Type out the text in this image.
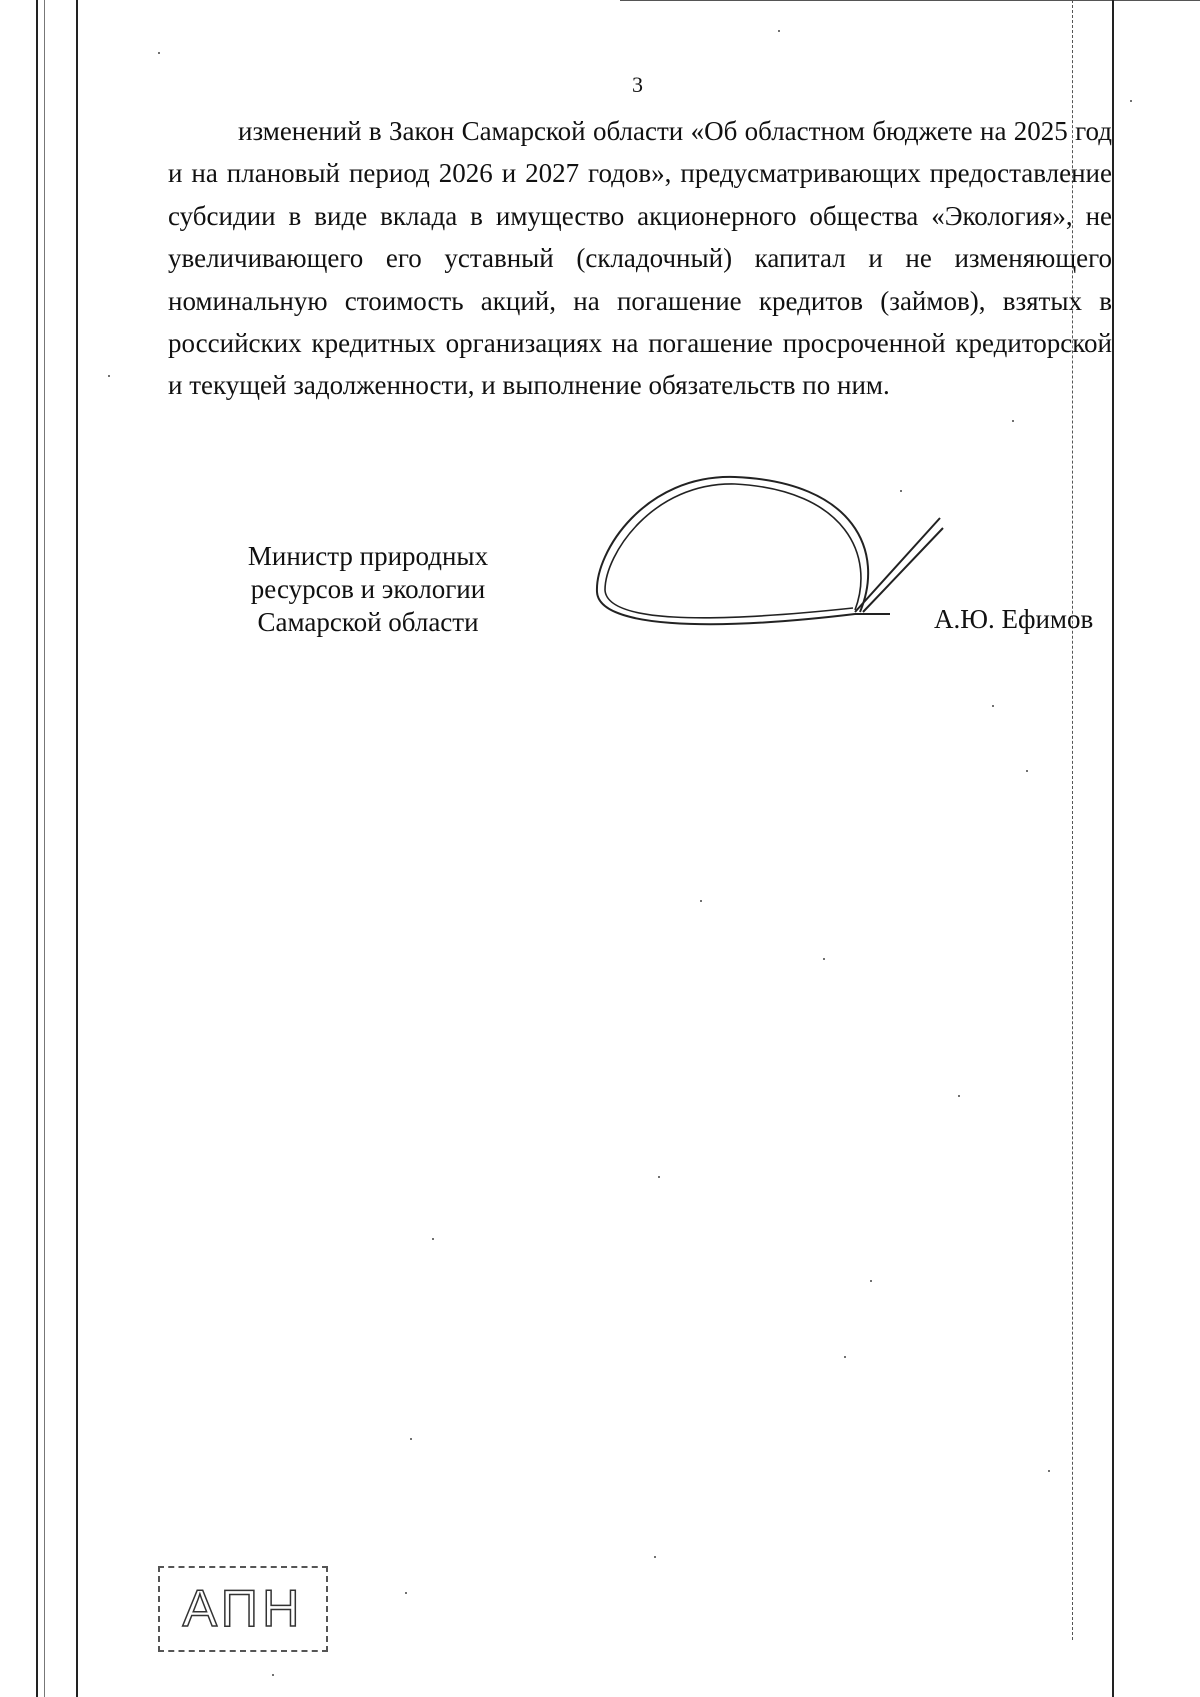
3

изменений в Закон Самарской области «Об областном бюджете на 2025 год и на плановый период 2026 и 2027 годов», предусматривающих предоставление субсидии в виде вклада в имущество акционерного общества «Экология», не увеличивающего его уставный (складочный) капитал и не изменяющего номинальную стоимость акций, на погашение кредитов (займов), взятых в российских кредитных организациях на погашение просроченной кредиторской и текущей задолженности, и выполнение обязательств по ним.

Министр природных
ресурсов и экологии
Самарской области	А.Ю. Ефимов
АПН
